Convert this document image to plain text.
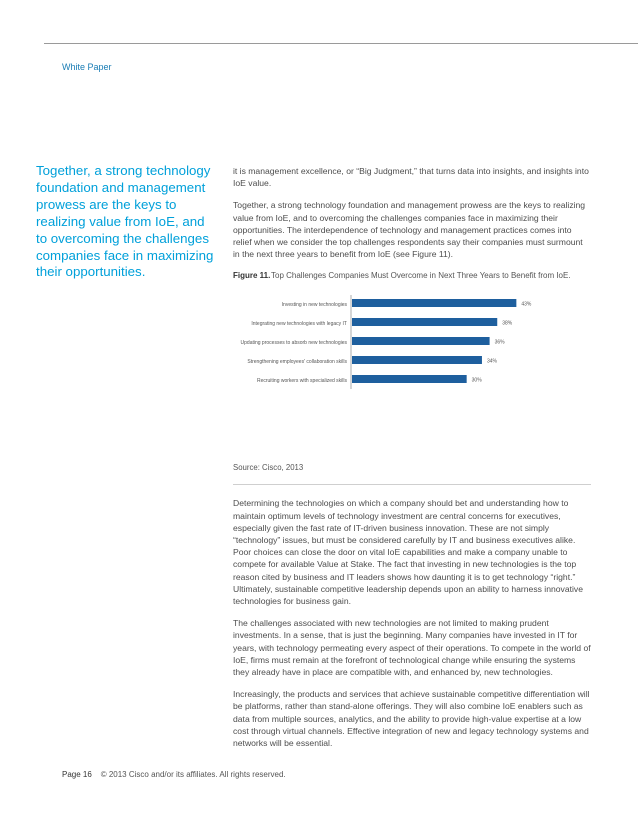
White Paper
Together, a strong technology foundation and management prowess are the keys to realizing value from IoE, and to overcoming the challenges companies face in maximizing their opportunities.

it is management excellence, or “Big Judgment,” that turns data into insights, and insights into IoE value.

Together, a strong technology foundation and management prowess are the keys to realizing value from IoE, and to overcoming the challenges companies face in maximizing their opportunities. The interdependence of technology and management practices comes into relief when we consider the top challenges respondents say their companies must surmount in the next three years to benefit from IoE (see Figure 11).

Figure 11. Top Challenges Companies Must Overcome in Next Three Years to Benefit from IoE.
Investing in new technologies	43%
Integrating new technologies with legacy IT	38%
Updating processes to absorb new technologies	36%
Strengthening employees' collaboration skills	34%
Recruiting workers with specialized skills	30%
Source: Cisco, 2013

Determining the technologies on which a company should bet and understanding how to maintain optimum levels of technology investment are central concerns for executives, especially given the fast rate of IT-driven business innovation. These are not simply “technology” issues, but must be considered carefully by IT and business executives alike. Poor choices can close the door on vital IoE capabilities and make a company unable to compete for available Value at Stake. The fact that investing in new technologies is the top reason cited by business and IT leaders shows how daunting it is to get technology “right.” Ultimately, sustainable competitive leadership depends upon an ability to harness innovative technologies for business gain.

The challenges associated with new technologies are not limited to making prudent investments. In a sense, that is just the beginning. Many companies have invested in IT for years, with technology permeating every aspect of their operations. To compete in the world of IoE, firms must remain at the forefront of technological change while ensuring the systems they already have in place are compatible with, and enhanced by, new technologies.

Increasingly, the products and services that achieve sustainable competitive differentiation will be platforms, rather than stand-alone offerings. They will also combine IoE enablers such as data from multiple sources, analytics, and the ability to provide high-value expertise at a low cost through virtual channels. Effective integration of new and legacy technology systems and networks will be essential.

Page 16 © 2013 Cisco and/or its affiliates. All rights reserved.
